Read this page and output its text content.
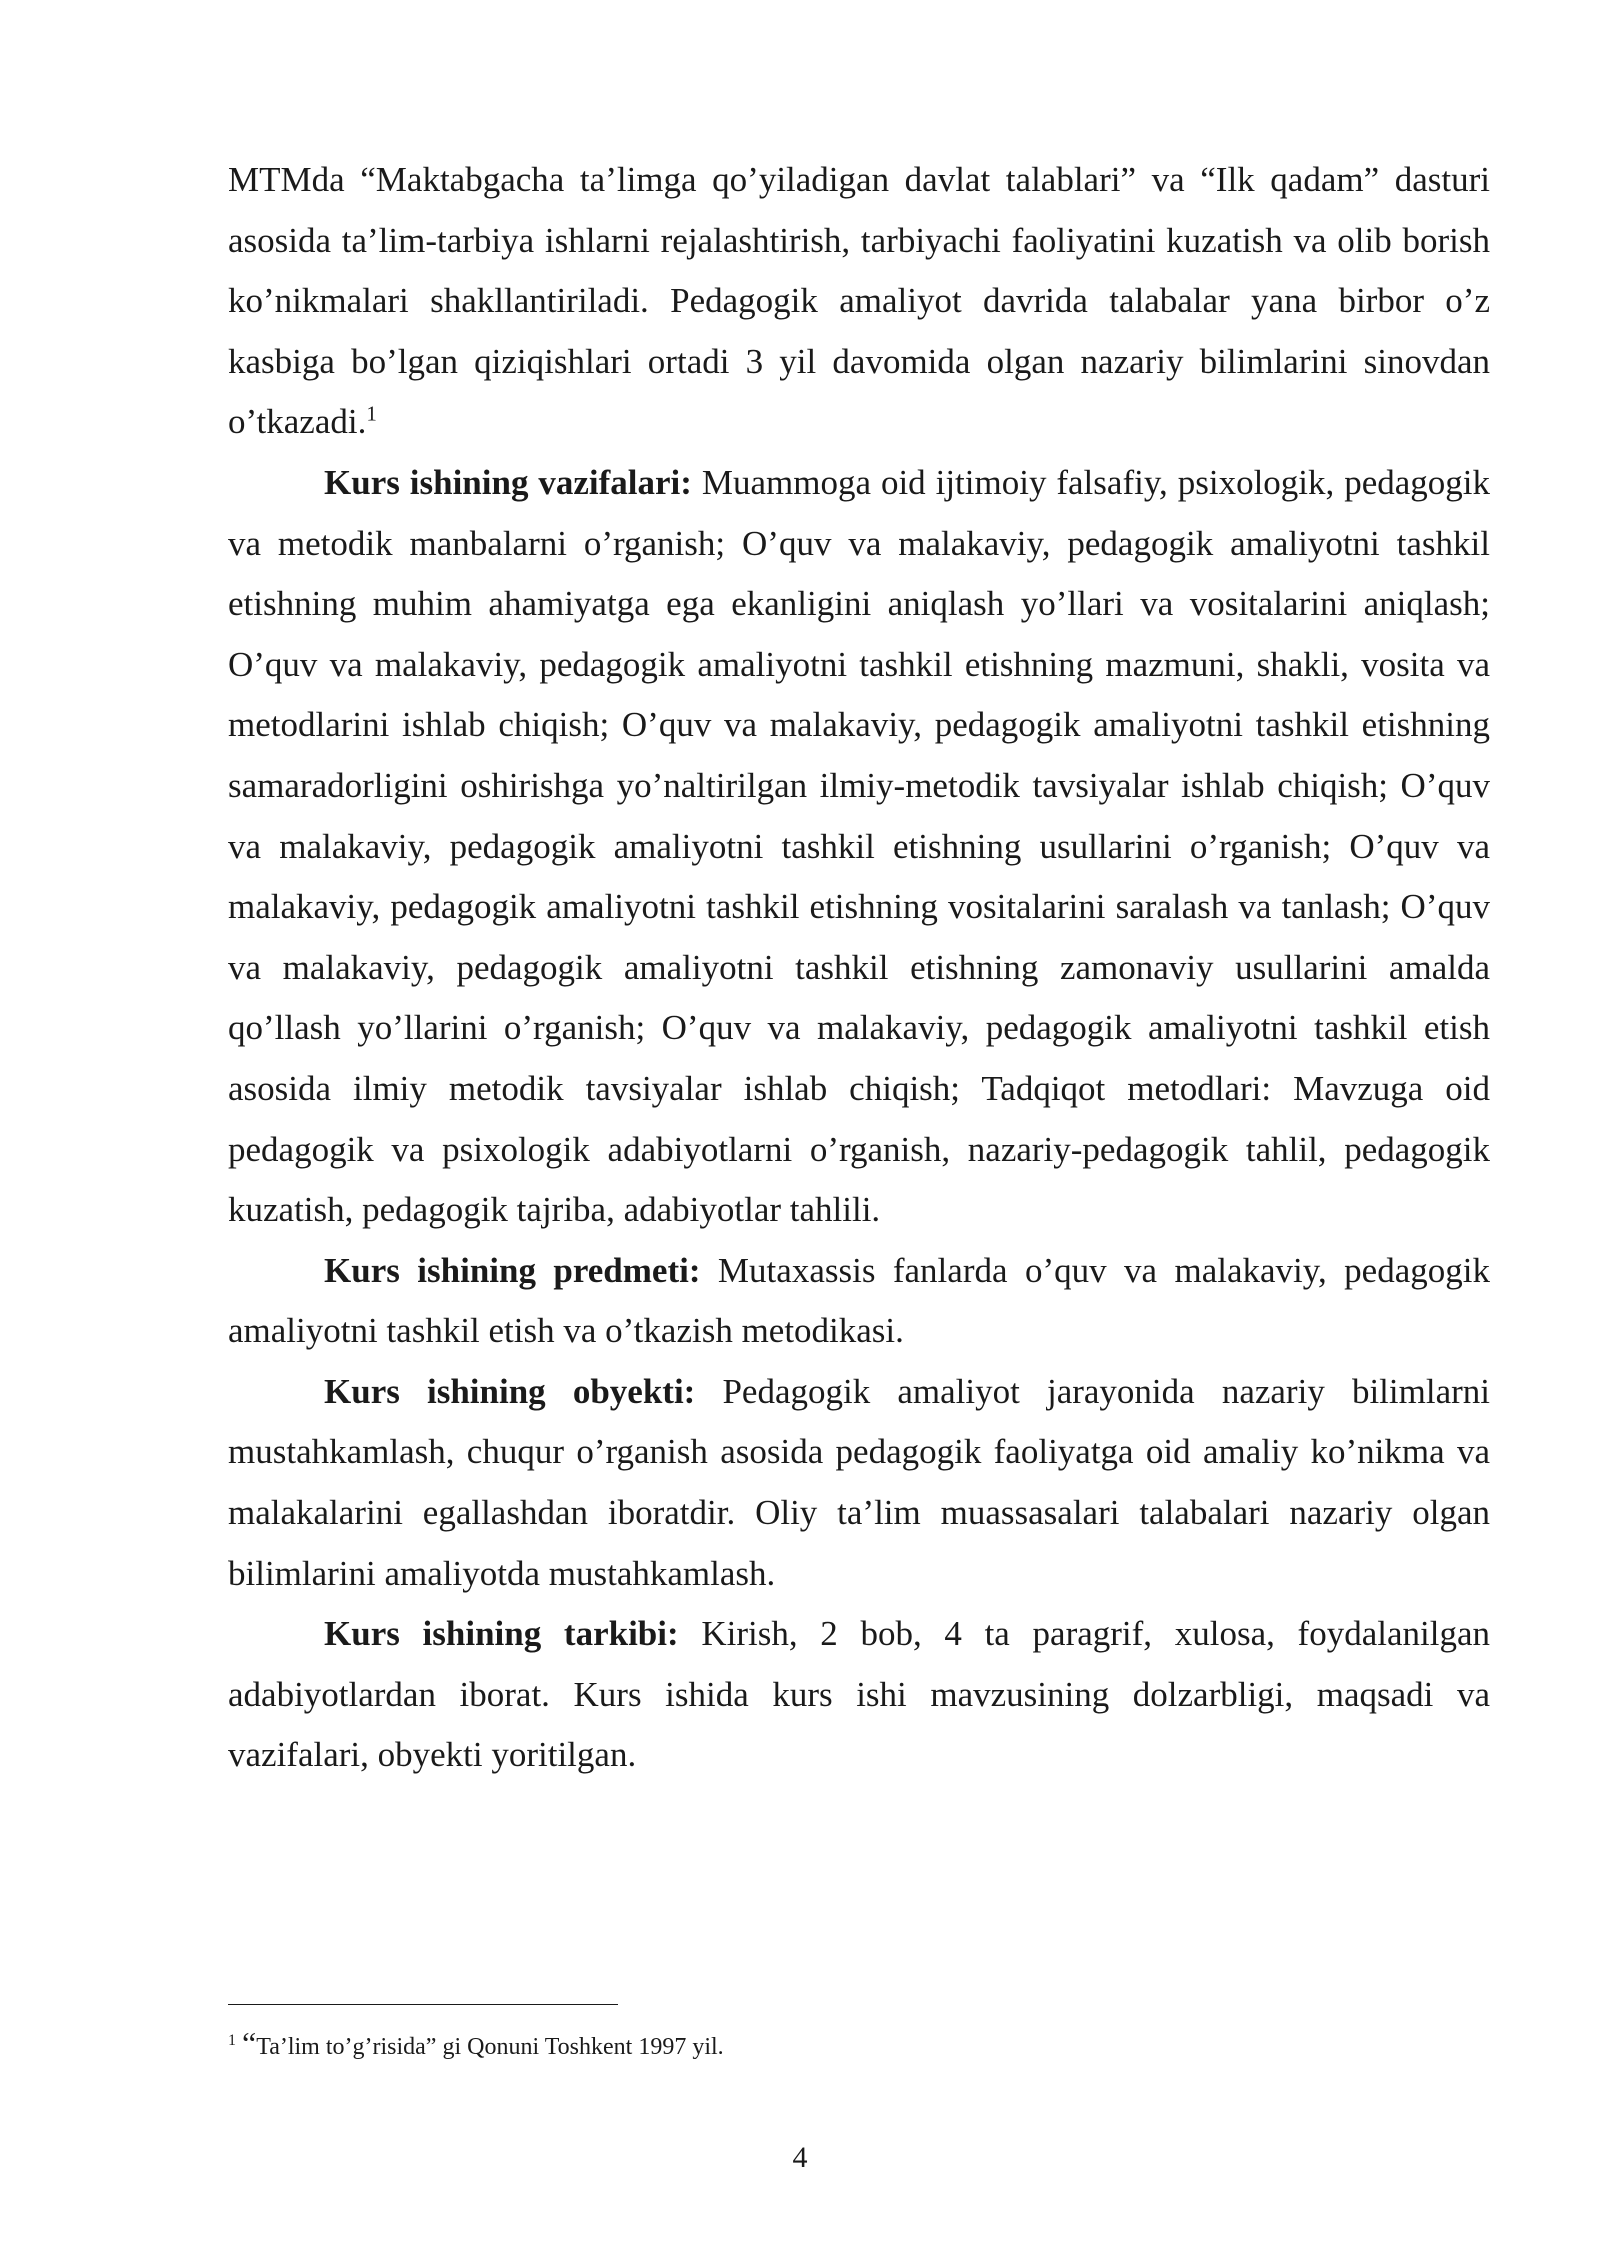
MTMda “Maktabgacha ta’limga qo’yiladigan davlat talablari” va “Ilk qadam” dasturi asosida ta’lim-tarbiya ishlarni rejalashtirish, tarbiyachi faoliyatini kuzatish va olib borish ko’nikmalari shakllantiriladi. Pedagogik amaliyot davrida talabalar yana birbor o’z kasbiga bo’lgan qiziqishlari ortadi 3 yil davomida olgan nazariy bilimlarini sinovdan o’tkazadi.$^1$

Kurs ishining vazifalari: Muammoga oid ijtimoiy falsafiy, psixologik, pedagogik va metodik manbalarni o’rganish; O’quv va malakaviy, pedagogik amaliyotni tashkil etishning muhim ahamiyatga ega ekanligini aniqlash yo’llari va vositalarini aniqlash; O’quv va malakaviy, pedagogik amaliyotni tashkil etishning mazmuni, shakli, vosita va metodlarini ishlab chiqish; O’quv va malakaviy, pedagogik amaliyotni tashkil etishning samaradorligini oshirishga yo’naltirilgan ilmiy-metodik tavsiyalar ishlab chiqish; O’quv va malakaviy, pedagogik amaliyotni tashkil etishning usullarini o’rganish; O’quv va malakaviy, pedagogik amaliyotni tashkil etishning vositalarini saralash va tanlash; O’quv va malakaviy, pedagogik amaliyotni tashkil etishning zamonaviy usullarini amalda qo’llash yo’llarini o’rganish; O’quv va malakaviy, pedagogik amaliyotni tashkil etish asosida ilmiy metodik tavsiyalar ishlab chiqish; Tadqiqot metodlari: Mavzuga oid pedagogik va psixologik adabiyotlarni o’rganish, nazariy-pedagogik tahlil, pedagogik kuzatish, pedagogik tajriba, adabiyotlar tahlili.

Kurs ishining predmeti: Mutaxassis fanlarda o’quv va malakaviy, pedagogik amaliyotni tashkil etish va o’tkazish metodikasi.

Kurs ishining obyekti: Pedagogik amaliyot jarayonida nazariy bilimlarni mustahkamlash, chuqur o’rganish asosida pedagogik faoliyatga oid amaliy ko’nikma va malakalarini egallashdan iboratdir. Oliy ta’lim muassasalari talabalari nazariy olgan bilimlarini amaliyotda mustahkamlash.

Kurs ishining tarkibi: Kirish, 2 bob, 4 ta paragrif, xulosa, foydalanilgan adabiyotlardan iborat. Kurs ishida kurs ishi mavzusining dolzarbligi, maqsadi va vazifalari, obyekti yoritilgan.

$^1$ “Ta’lim to’g’risida” gi Qonuni Toshkent 1997 yil.
4
